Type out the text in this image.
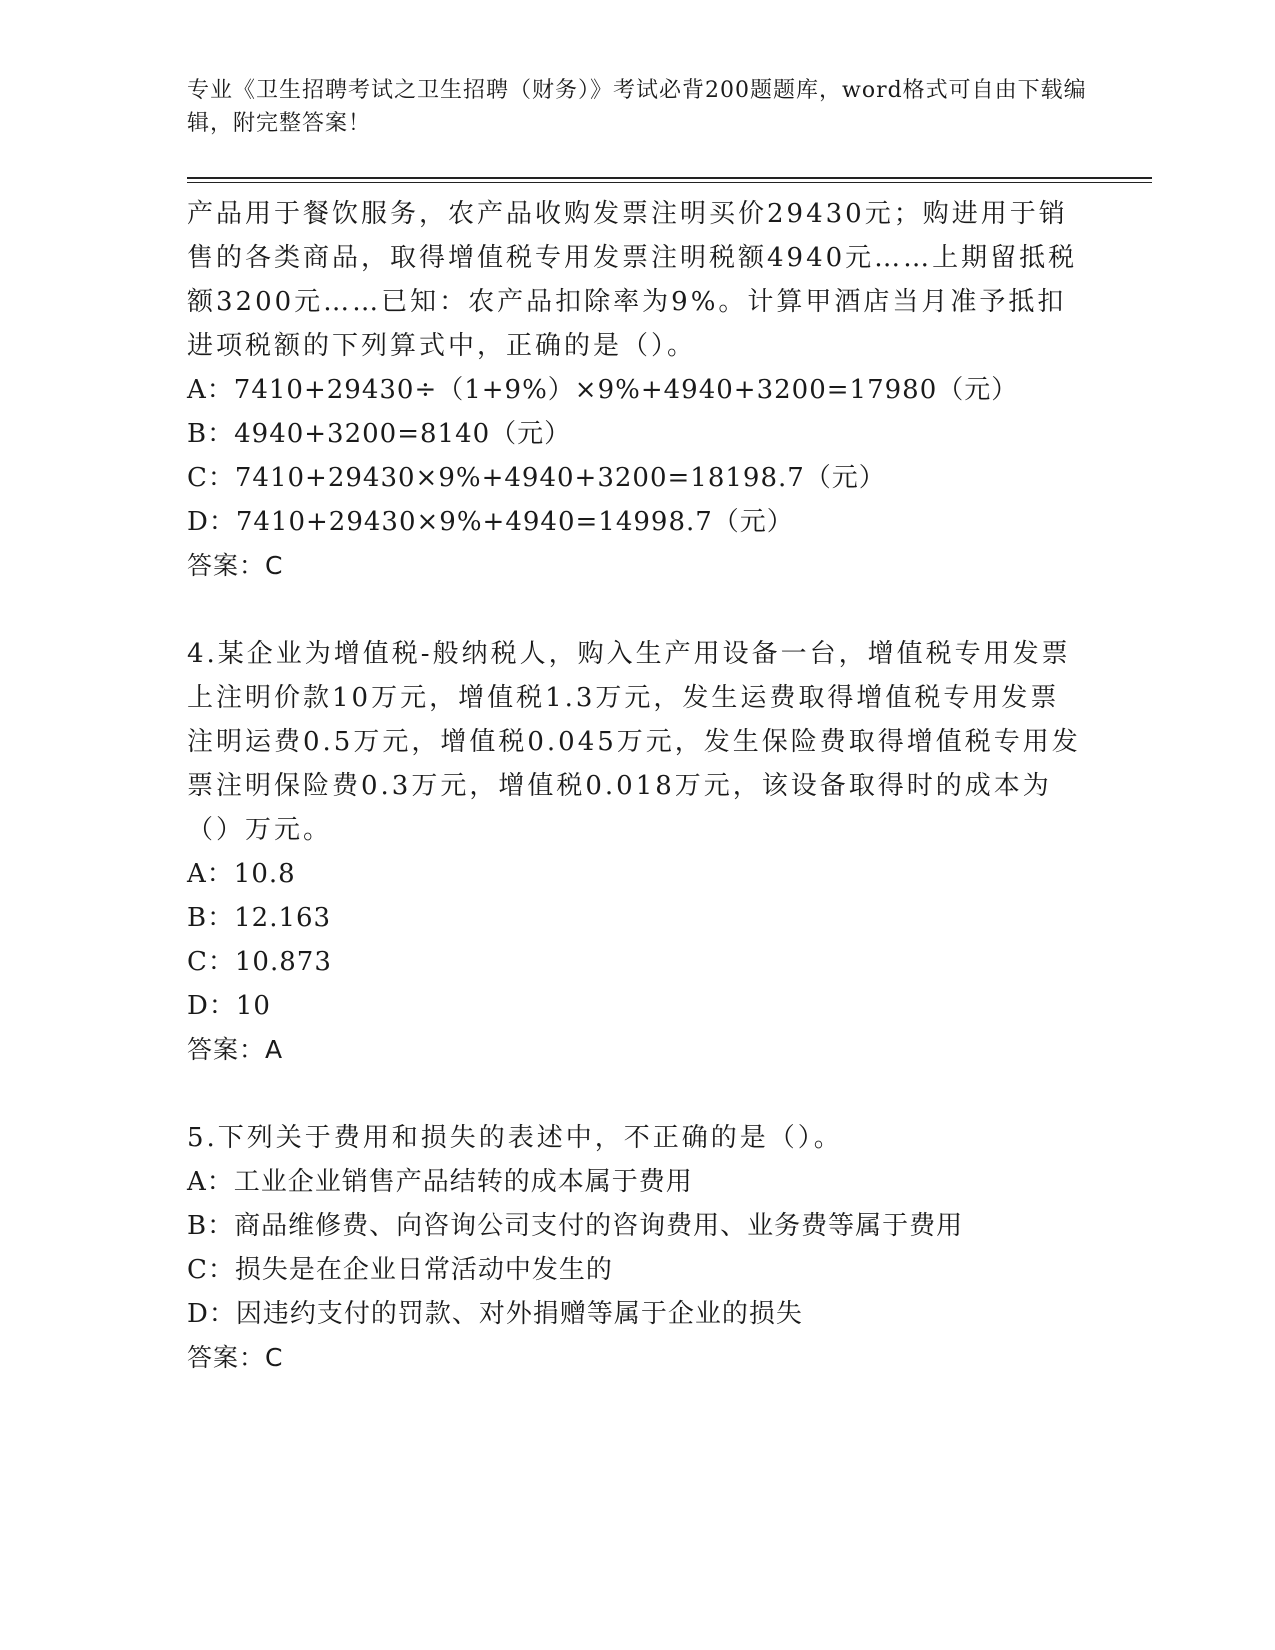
专业《卫生招聘考试之卫生招聘（财务）》考试必背200题题库，word格式可自由下载编辑，附完整答案！

产品用于餐饮服务，农产品收购发票注明买价29430元；购进用于销售的各类商品，取得增值税专用发票注明税额4940元……上期留抵税额3200元……已知：农产品扣除率为9%。计算甲酒店当月准予抵扣进项税额的下列算式中，正确的是（）。

A：7410+29430÷（1+9%）×9%+4940+3200=17980（元）

B：4940+3200=8140（元）

C：7410+29430×9%+4940+3200=18198.7（元）

D：7410+29430×9%+4940=14998.7（元）

答案：C

4.某企业为增值税-般纳税人，购入生产用设备一台，增值税专用发票上注明价款10万元，增值税1.3万元，发生运费取得增值税专用发票注明运费0.5万元，增值税0.045万元，发生保险费取得增值税专用发票注明保险费0.3万元，增值税0.018万元，该设备取得时的成本为（）万元。

A：10.8

B：12.163

C：10.873

D：10

答案：A

5.下列关于费用和损失的表述中，不正确的是（）。

A：工业企业销售产品结转的成本属于费用

B：商品维修费、向咨询公司支付的咨询费用、业务费等属于费用

C：损失是在企业日常活动中发生的

D：因违约支付的罚款、对外捐赠等属于企业的损失

答案：C
